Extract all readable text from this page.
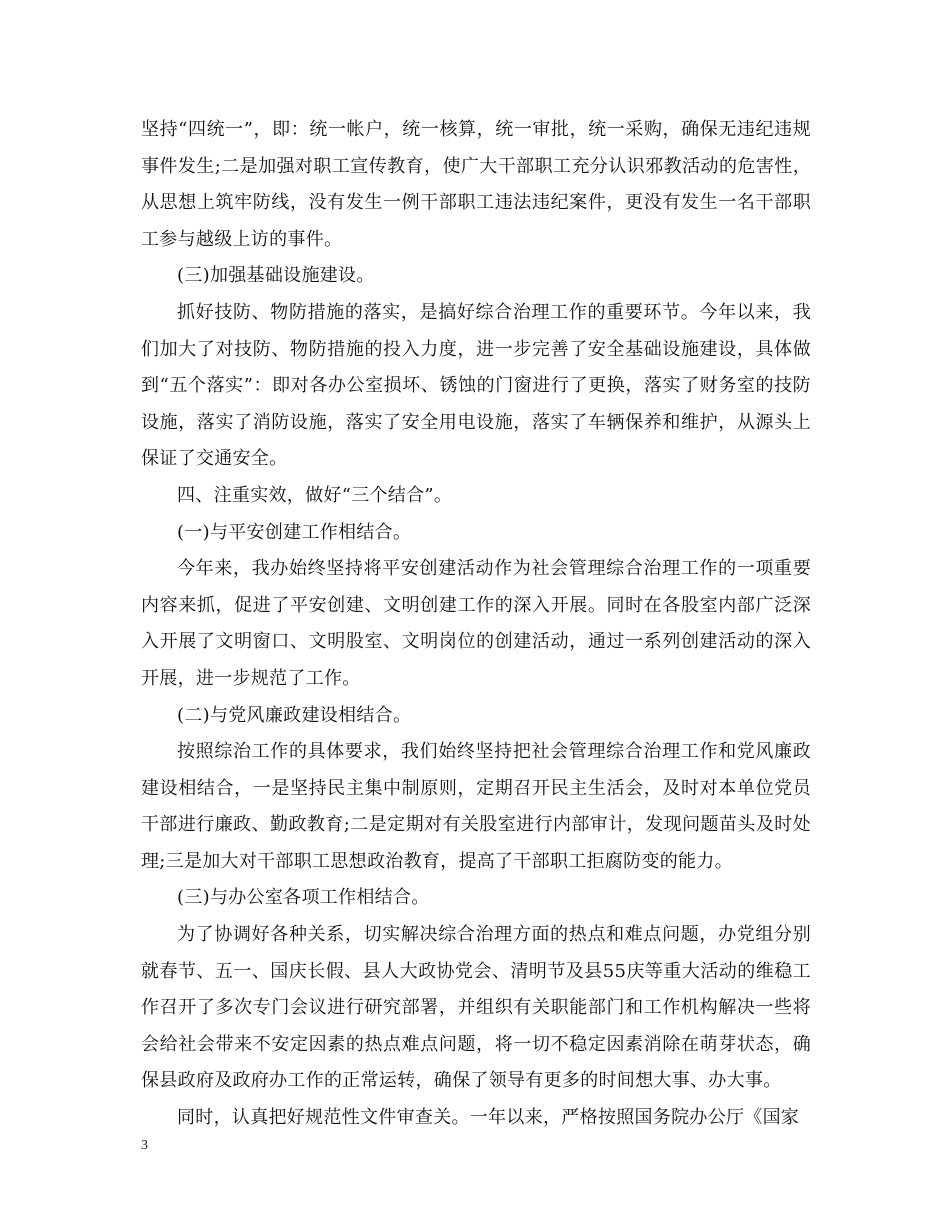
坚持“四统一”，即：统一帐户，统一核算，统一审批，统一采购，确保无违纪违规事件发生;二是加强对职工宣传教育，使广大干部职工充分认识邪教活动的危害性，从思想上筑牢防线，没有发生一例干部职工违法违纪案件，更没有发生一名干部职工参与越级上访的事件。

(三)加强基础设施建设。

抓好技防、物防措施的落实，是搞好综合治理工作的重要环节。今年以来，我们加大了对技防、物防措施的投入力度，进一步完善了安全基础设施建设，具体做到“五个落实”：即对各办公室损坏、锈蚀的门窗进行了更换，落实了财务室的技防设施，落实了消防设施，落实了安全用电设施，落实了车辆保养和维护，从源头上保证了交通安全。

四、注重实效，做好“三个结合”。

(一)与平安创建工作相结合。

今年来，我办始终坚持将平安创建活动作为社会管理综合治理工作的一项重要内容来抓，促进了平安创建、文明创建工作的深入开展。同时在各股室内部广泛深入开展了文明窗口、文明股室、文明岗位的创建活动，通过一系列创建活动的深入开展，进一步规范了工作。

(二)与党风廉政建设相结合。

按照综治工作的具体要求，我们始终坚持把社会管理综合治理工作和党风廉政建设相结合，一是坚持民主集中制原则，定期召开民主生活会，及时对本单位党员干部进行廉政、勤政教育;二是定期对有关股室进行内部审计，发现问题苗头及时处理;三是加大对干部职工思想政治教育，提高了干部职工拒腐防变的能力。

(三)与办公室各项工作相结合。

为了协调好各种关系，切实解决综合治理方面的热点和难点问题，办党组分别就春节、五一、国庆长假、县人大政协党会、清明节及县55庆等重大活动的维稳工作召开了多次专门会议进行研究部署，并组织有关职能部门和工作机构解决一些将会给社会带来不安定因素的热点难点问题，将一切不稳定因素消除在萌芽状态，确保县政府及政府办工作的正常运转，确保了领导有更多的时间想大事、办大事。

同时，认真把好规范性文件审查关。一年以来，严格按照国务院办公厅《国家

3
